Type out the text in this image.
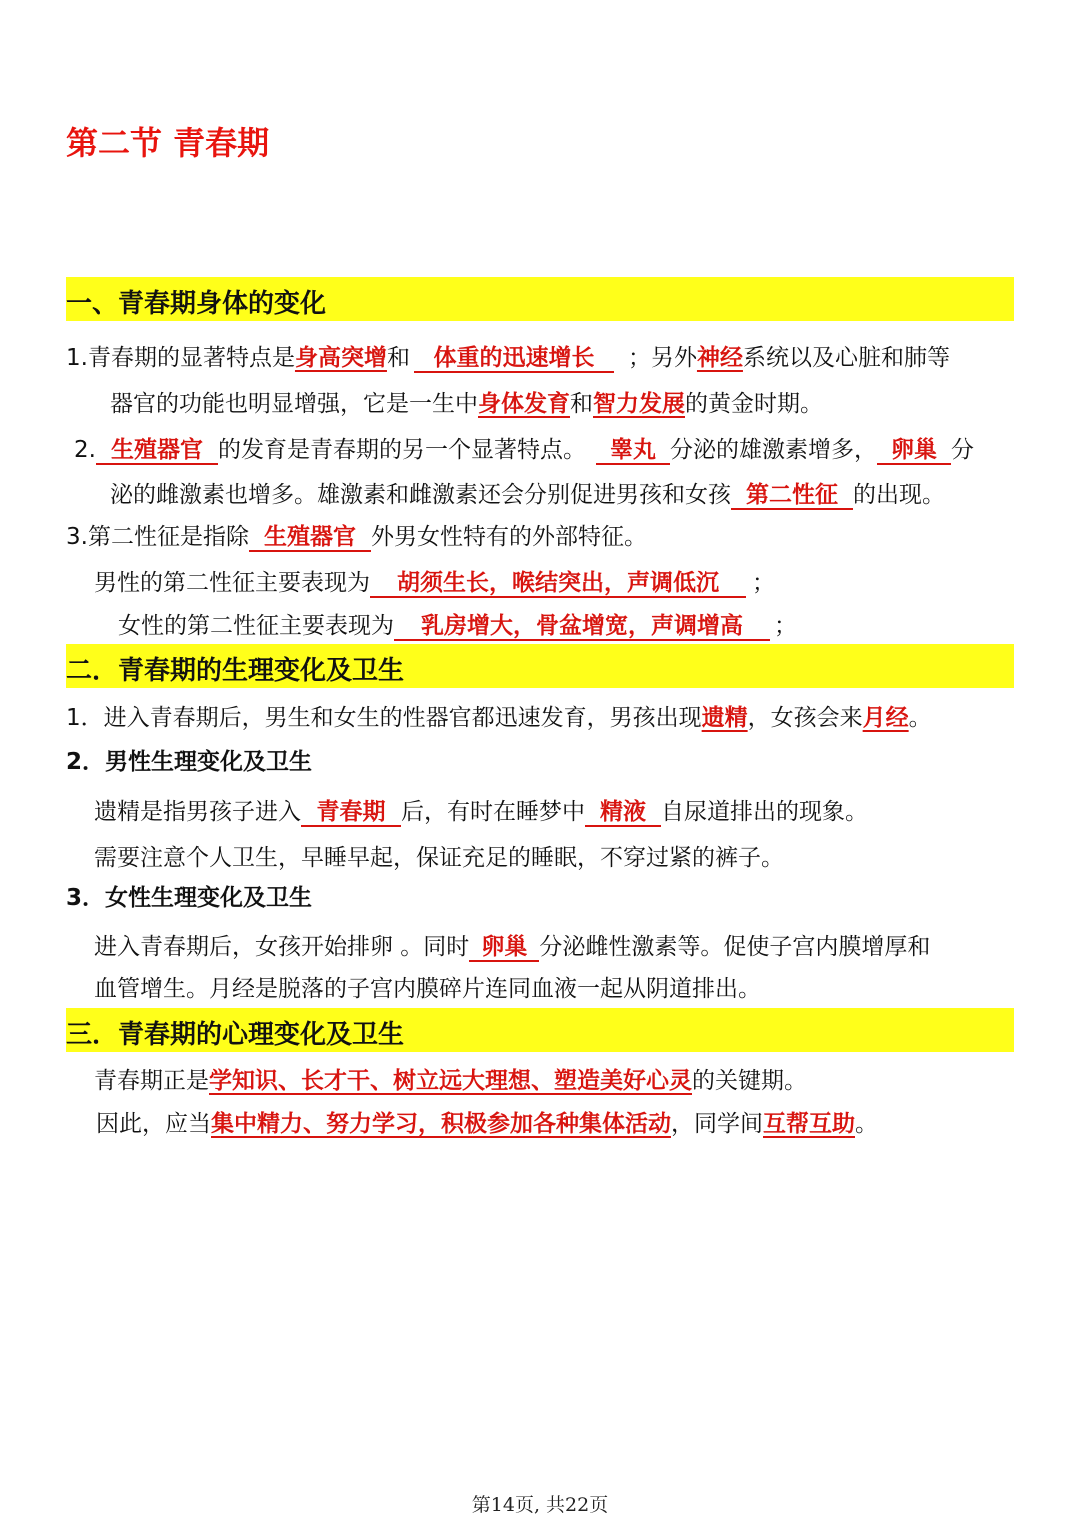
第二节 青春期
一、青春期身体的变化
1.青春期的显著特点是身高突增和 体重的迅速增长 ；另外神经系统以及心脏和肺等
器官的功能也明显增强，它是一生中身体发育和智力发展的黄金时期。
2. 生殖器官 的发育是青春期的另一个显著特点。 睾丸 分泌的雄激素增多， 卵巢 分
泌的雌激素也增多。雄激素和雌激素还会分别促进男孩和女孩 第二性征 的出现。
3.第二性征是指除 生殖器官 外男女性特有的外部特征。
男性的第二性征主要表现为 胡须生长，喉结突出，声调低沉 ；
女性的第二性征主要表现为 乳房增大，骨盆增宽，声调增高 ；
二．青春期的生理变化及卫生
1．进入青春期后，男生和女生的性器官都迅速发育，男孩出现遗精，女孩会来月经。
2．男性生理变化及卫生
遗精是指男孩子进入 青春期 后，有时在睡梦中 精液 自尿道排出的现象。
需要注意个人卫生，早睡早起，保证充足的睡眠，不穿过紧的裤子。
3．女性生理变化及卫生
进入青春期后，女孩开始排卵 。同时 卵巢 分泌雌性激素等。促使子宫内膜增厚和
血管增生。月经是脱落的子宫内膜碎片连同血液一起从阴道排出。
三．青春期的心理变化及卫生
青春期正是学知识、长才干、树立远大理想、塑造美好心灵的关键期。
因此，应当集中精力、努力学习，积极参加各种集体活动，同学间互帮互助。
第14页, 共22页
